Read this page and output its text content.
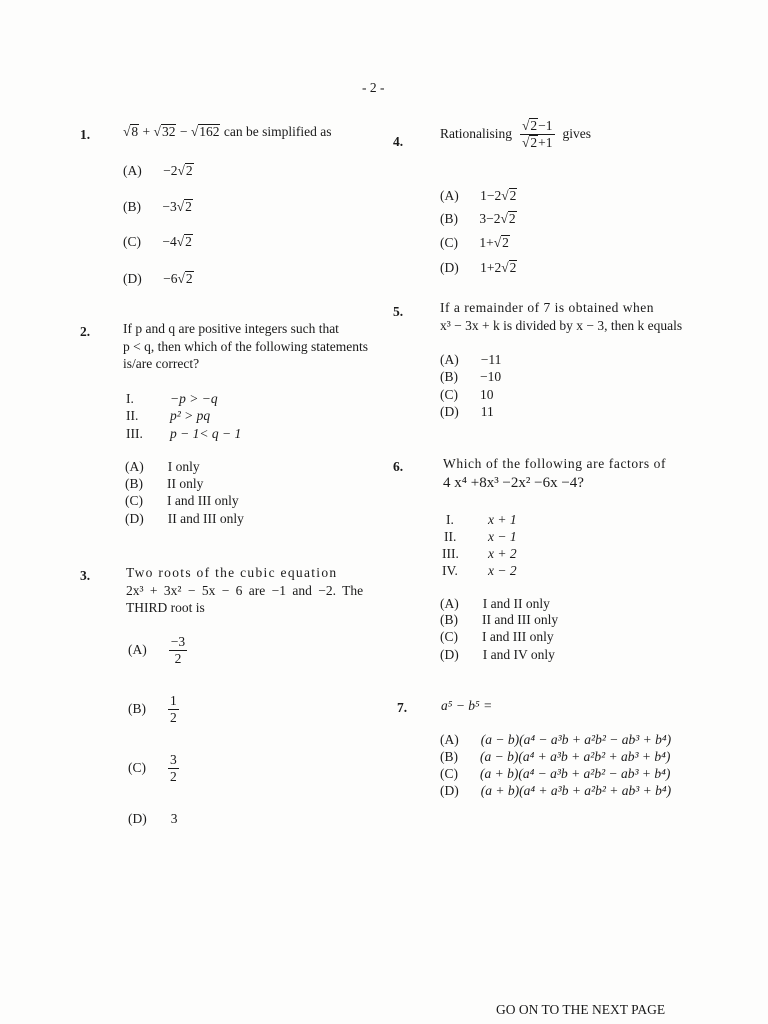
- 2 -
1. √8 + √32 − √162 can be simplified as
(A) −2√2
(B) −3√2
(C) −4√2
(D) −6√2
2. If p and q are positive integers such that
p < q, then which of the following statements
is/are correct?
I.	−p > −q
II. p² > pq
III. p − 1< q − 1
(A) I only
(B) II only
(C) I and III only
(D) II and III only
3.	Two roots of the cubic equation
2x³ + 3x² − 5x − 6 are −1 and −2. The
THIRD root is
$(A) \frac{-3}{2}$
$(B) \frac{1}{2}$
$(C) \frac{3}{2}$
(D) 3
4.
Rationalising $\frac{√2-1}{√2+1}$ gives
(A) 1−2√2
(B) 3−2√2
(C) 1+√2
(D) 1+2√2
5.	If a remainder of 7 is obtained when
x³ − 3x + k is divided by x − 3, then k equals
(A) −11
(B) −10
(C) 10
(D) 11
6.	Which of the following are factors of
4 x⁴ +8x³ −2x² −6x −4?
I.	x + 1
II. x − 1
III. x + 2
IV. x − 2
(A) I and II only
(B) II and III only
(C) I and III only
(D) I and IV only
7.	a⁵ − b⁵ =
(A) (a − b)(a⁴ − a³b + a²b² − ab³ + b⁴)
(B) (a − b)(a⁴ + a³b + a²b² + ab³ + b⁴)
(C) (a + b)(a⁴ − a³b + a²b² − ab³ + b⁴)
(D) (a + b)(a⁴ + a³b + a²b² + ab³ + b⁴)
GO ON TO THE NEXT PAGE
